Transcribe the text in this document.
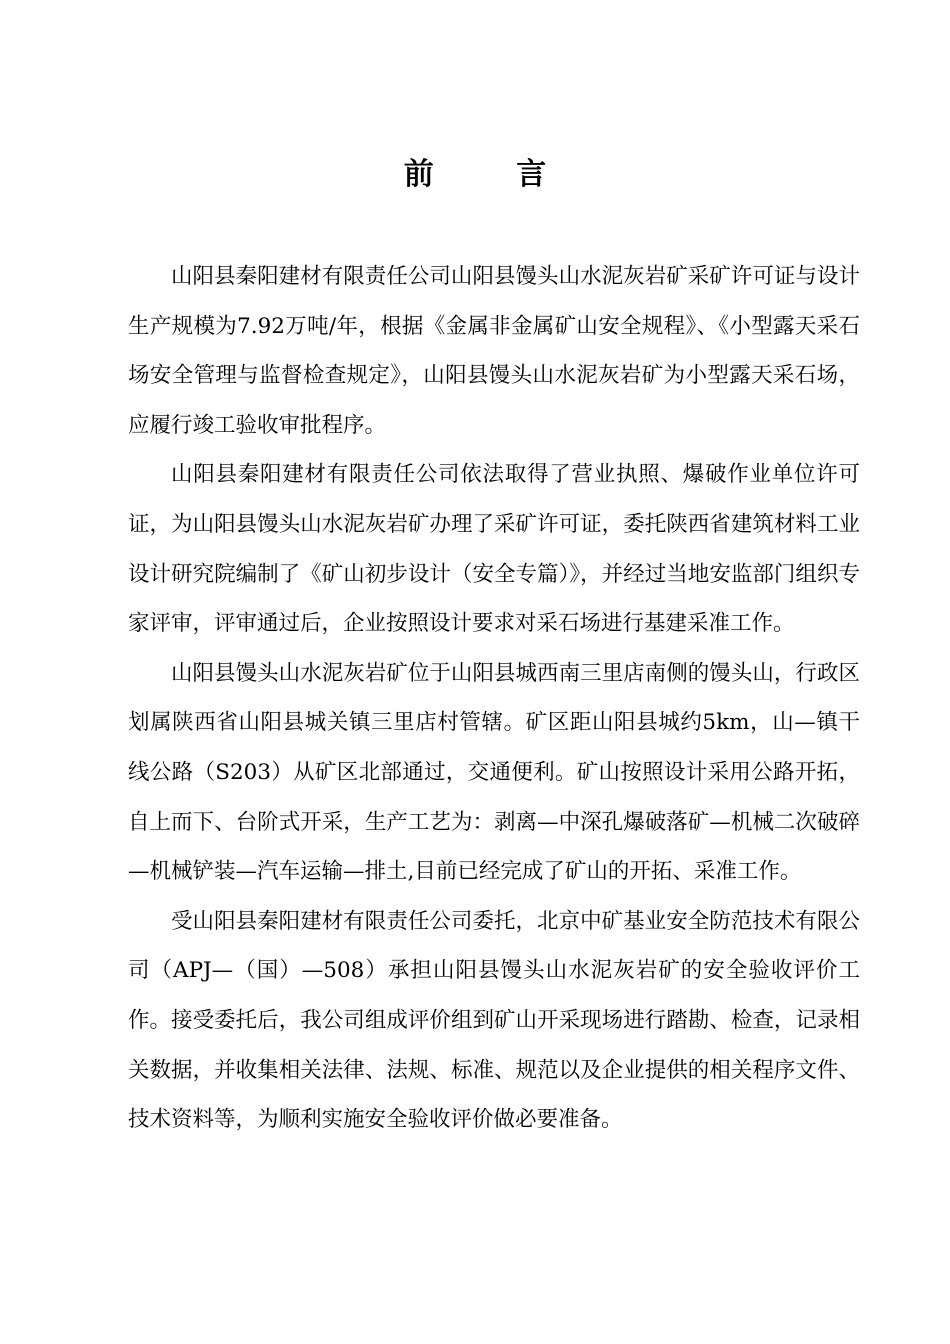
前 言

山阳县秦阳建材有限责任公司山阳县馒头山水泥灰岩矿采矿许可证与设计生产规模为7.92万吨/年，根据《金属非金属矿山安全规程》、《小型露天采石场安全管理与监督检查规定》，山阳县馒头山水泥灰岩矿为小型露天采石场，应履行竣工验收审批程序。

山阳县秦阳建材有限责任公司依法取得了营业执照、爆破作业单位许可证，为山阳县馒头山水泥灰岩矿办理了采矿许可证，委托陕西省建筑材料工业设计研究院编制了《矿山初步设计（安全专篇）》，并经过当地安监部门组织专家评审，评审通过后，企业按照设计要求对采石场进行基建采准工作。

山阳县馒头山水泥灰岩矿位于山阳县城西南三里店南侧的馒头山，行政区划属陕西省山阳县城关镇三里店村管辖。矿区距山阳县城约5km，山—镇干线公路（S203）从矿区北部通过，交通便利。矿山按照设计采用公路开拓，自上而下、台阶式开采，生产工艺为：剥离—中深孔爆破落矿—机械二次破碎—机械铲装—汽车运输—排土,目前已经完成了矿山的开拓、采准工作。

受山阳县秦阳建材有限责任公司委托，北京中矿基业安全防范技术有限公司（APJ—（国）—508）承担山阳县馒头山水泥灰岩矿的安全验收评价工作。接受委托后，我公司组成评价组到矿山开采现场进行踏勘、检查，记录相关数据，并收集相关法律、法规、标准、规范以及企业提供的相关程序文件、技术资料等，为顺利实施安全验收评价做必要准备。
